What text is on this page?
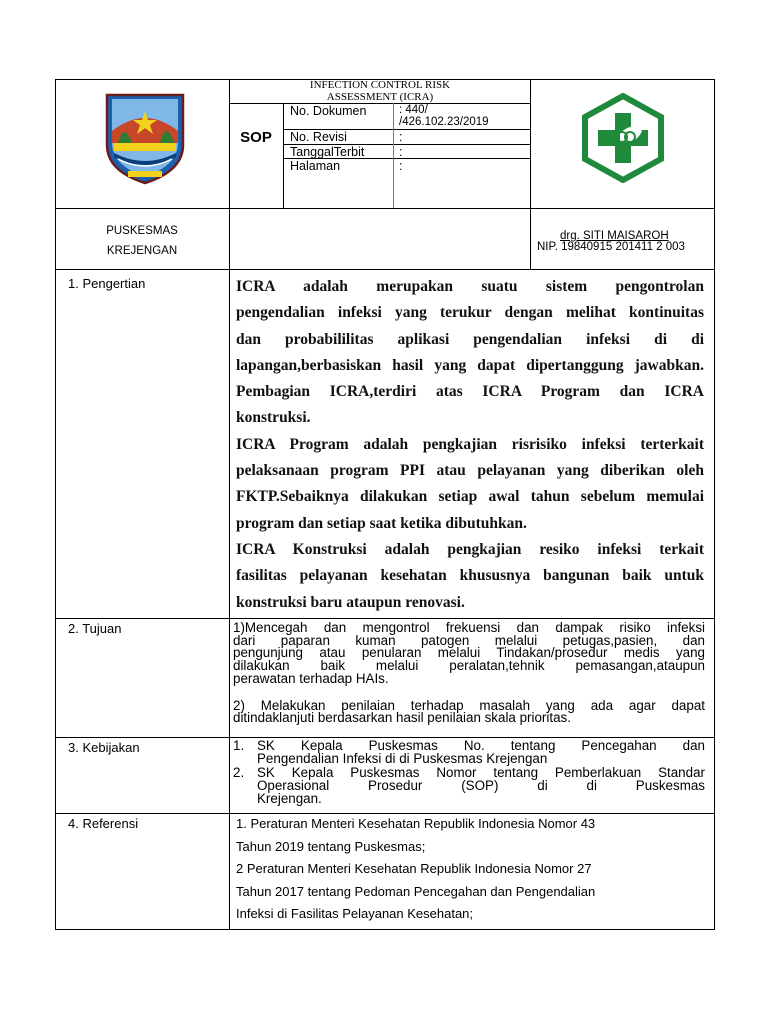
INFECTION CONTROL RISK
ASSESSMENT (ICRA)
SOP
No. Dokumen	: 440/
/426.102.23/2019
No. Revisi	:
TanggalTerbit	:
Halaman	:
PUSKESMAS
KREJENGAN
drg. SITI MAISAROH
NIP. 19840915 201411 2 003
1. Pengertian	ICRA adalah merupakan suatu sistem pengontrolan
pengendalian infeksi yang terukur dengan melihat kontinuitas
dan probabililitas aplikasi pengendalian infeksi di di
lapangan,berbasiskan hasil yang dapat dipertanggung jawabkan.
Pembagian ICRA,terdiri atas ICRA Program dan ICRA
konstruksi.
ICRA Program adalah pengkajian risrisiko infeksi terterkait
pelaksanaan program PPI atau pelayanan yang diberikan oleh
FKTP.Sebaiknya dilakukan setiap awal tahun sebelum memulai
program dan setiap saat ketika dibutuhkan.
ICRA Konstruksi adalah pengkajian resiko infeksi terkait
fasilitas pelayanan kesehatan khususnya bangunan baik untuk
konstruksi baru ataupun renovasi.
2. Tujuan	1)Mencegah dan mengontrol frekuensi dan dampak risiko infeksi
dari paparan kuman patogen melalui petugas,pasien, dan
pengunjung atau penularan melalui Tindakan/prosedur medis yang
dilakukan baik melalui peralatan,tehnik pemasangan,ataupun
perawatan terhadap HAIs.
2) Melakukan penilaian terhadap masalah yang ada agar dapat
ditindaklanjuti berdasarkan hasil penilaian skala prioritas.
3. Kebijakan	1. SK Kepala Puskesmas No. tentang Pencegahan dan
Pengendalian Infeksi di di Puskesmas Krejengan
2. SK Kepala Puskesmas Nomor tentang Pemberlakuan Standar
Operasional Prosedur (SOP) di di Puskesmas
Krejengan.
4. Referensi	1. Peraturan Menteri Kesehatan Republik Indonesia Nomor 43
Tahun 2019 tentang Puskesmas;
2 Peraturan Menteri Kesehatan Republik Indonesia Nomor 27
Tahun 2017 tentang Pedoman Pencegahan dan Pengendalian
Infeksi di Fasilitas Pelayanan Kesehatan;
